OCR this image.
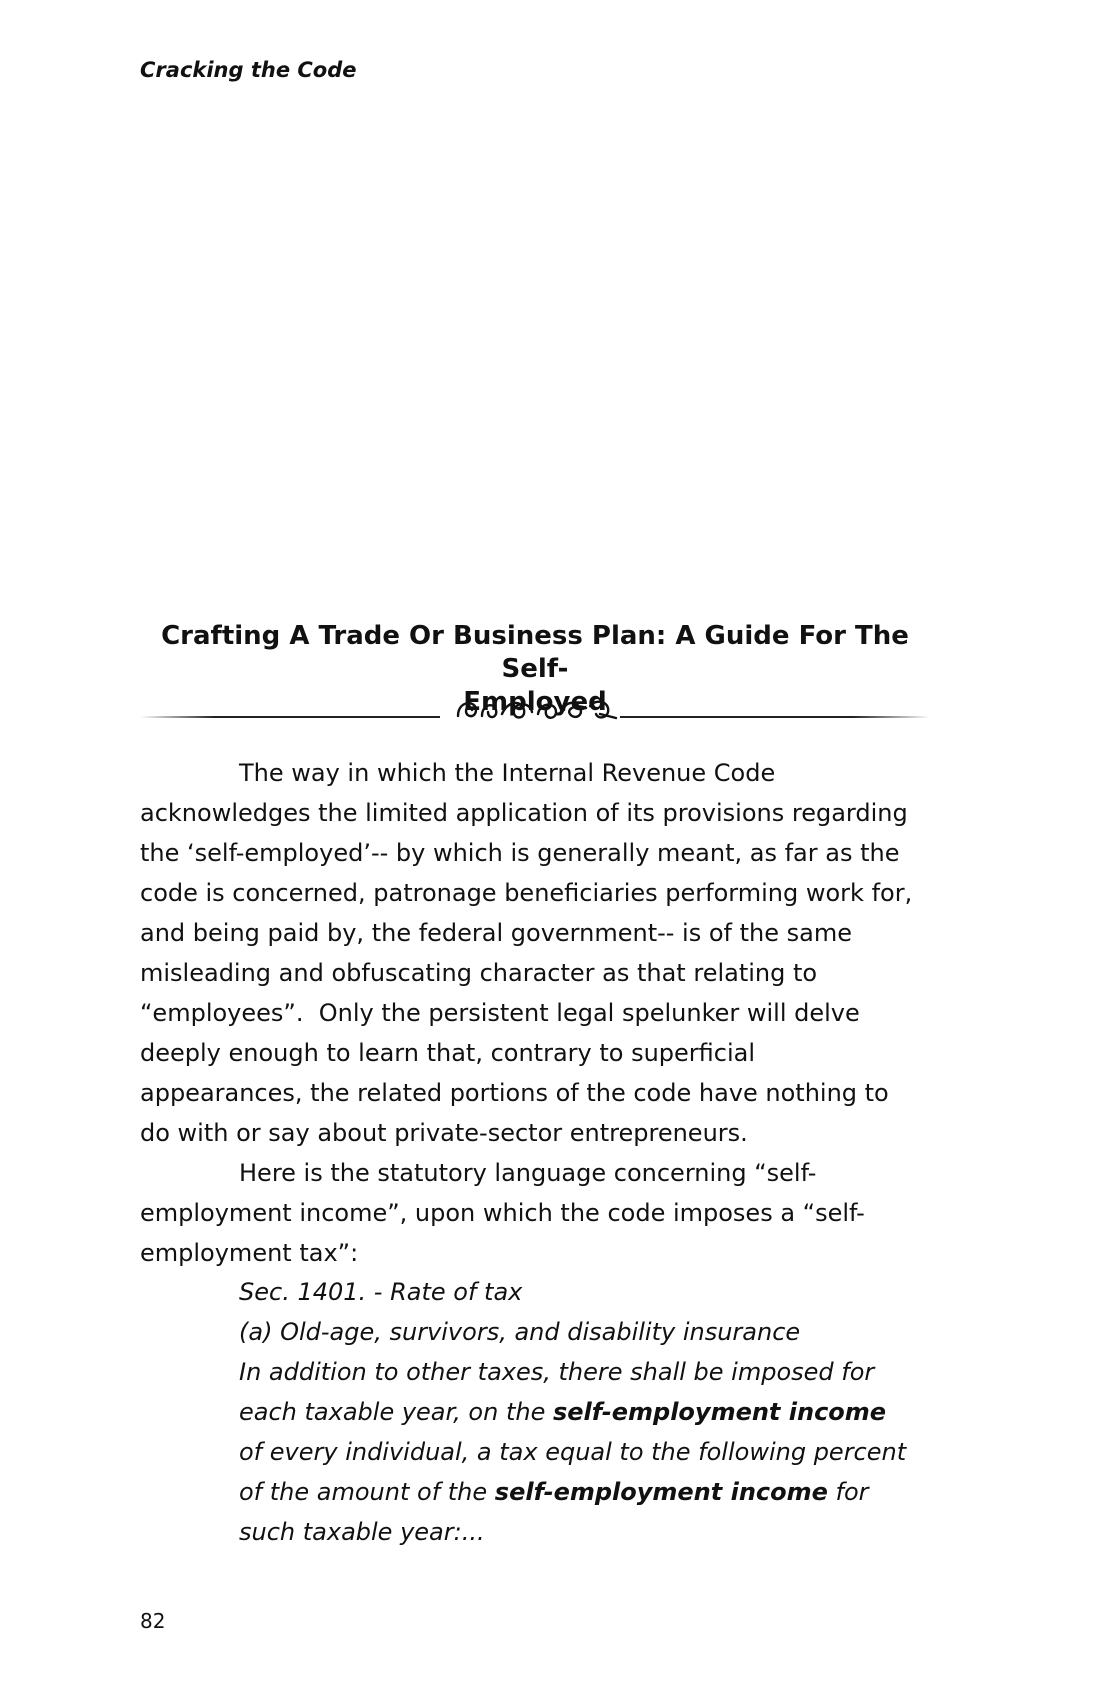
Cracking the Code
Crafting A Trade Or Business Plan: A Guide For The Self-
Employed

The way in which the Internal Revenue Code
acknowledges the limited application of its provisions regarding
the ‘self-employed’-- by which is generally meant, as far as the
code is concerned, patronage beneficiaries performing work for,
and being paid by, the federal government-- is of the same
misleading and obfuscating character as that relating to
“employees”.  Only the persistent legal spelunker will delve
deeply enough to learn that, contrary to superficial
appearances, the related portions of the code have nothing to
do with or say about private-sector entrepreneurs.

Here is the statutory language concerning “self-
employment income”, upon which the code imposes a “self-
employment tax”:

Sec. 1401. - Rate of tax
(a) Old-age, survivors, and disability insurance
In addition to other taxes, there shall be imposed for
each taxable year, on the self-employment income
of every individual, a tax equal to the following percent
of the amount of the self-employment income for
such taxable year:...
82
